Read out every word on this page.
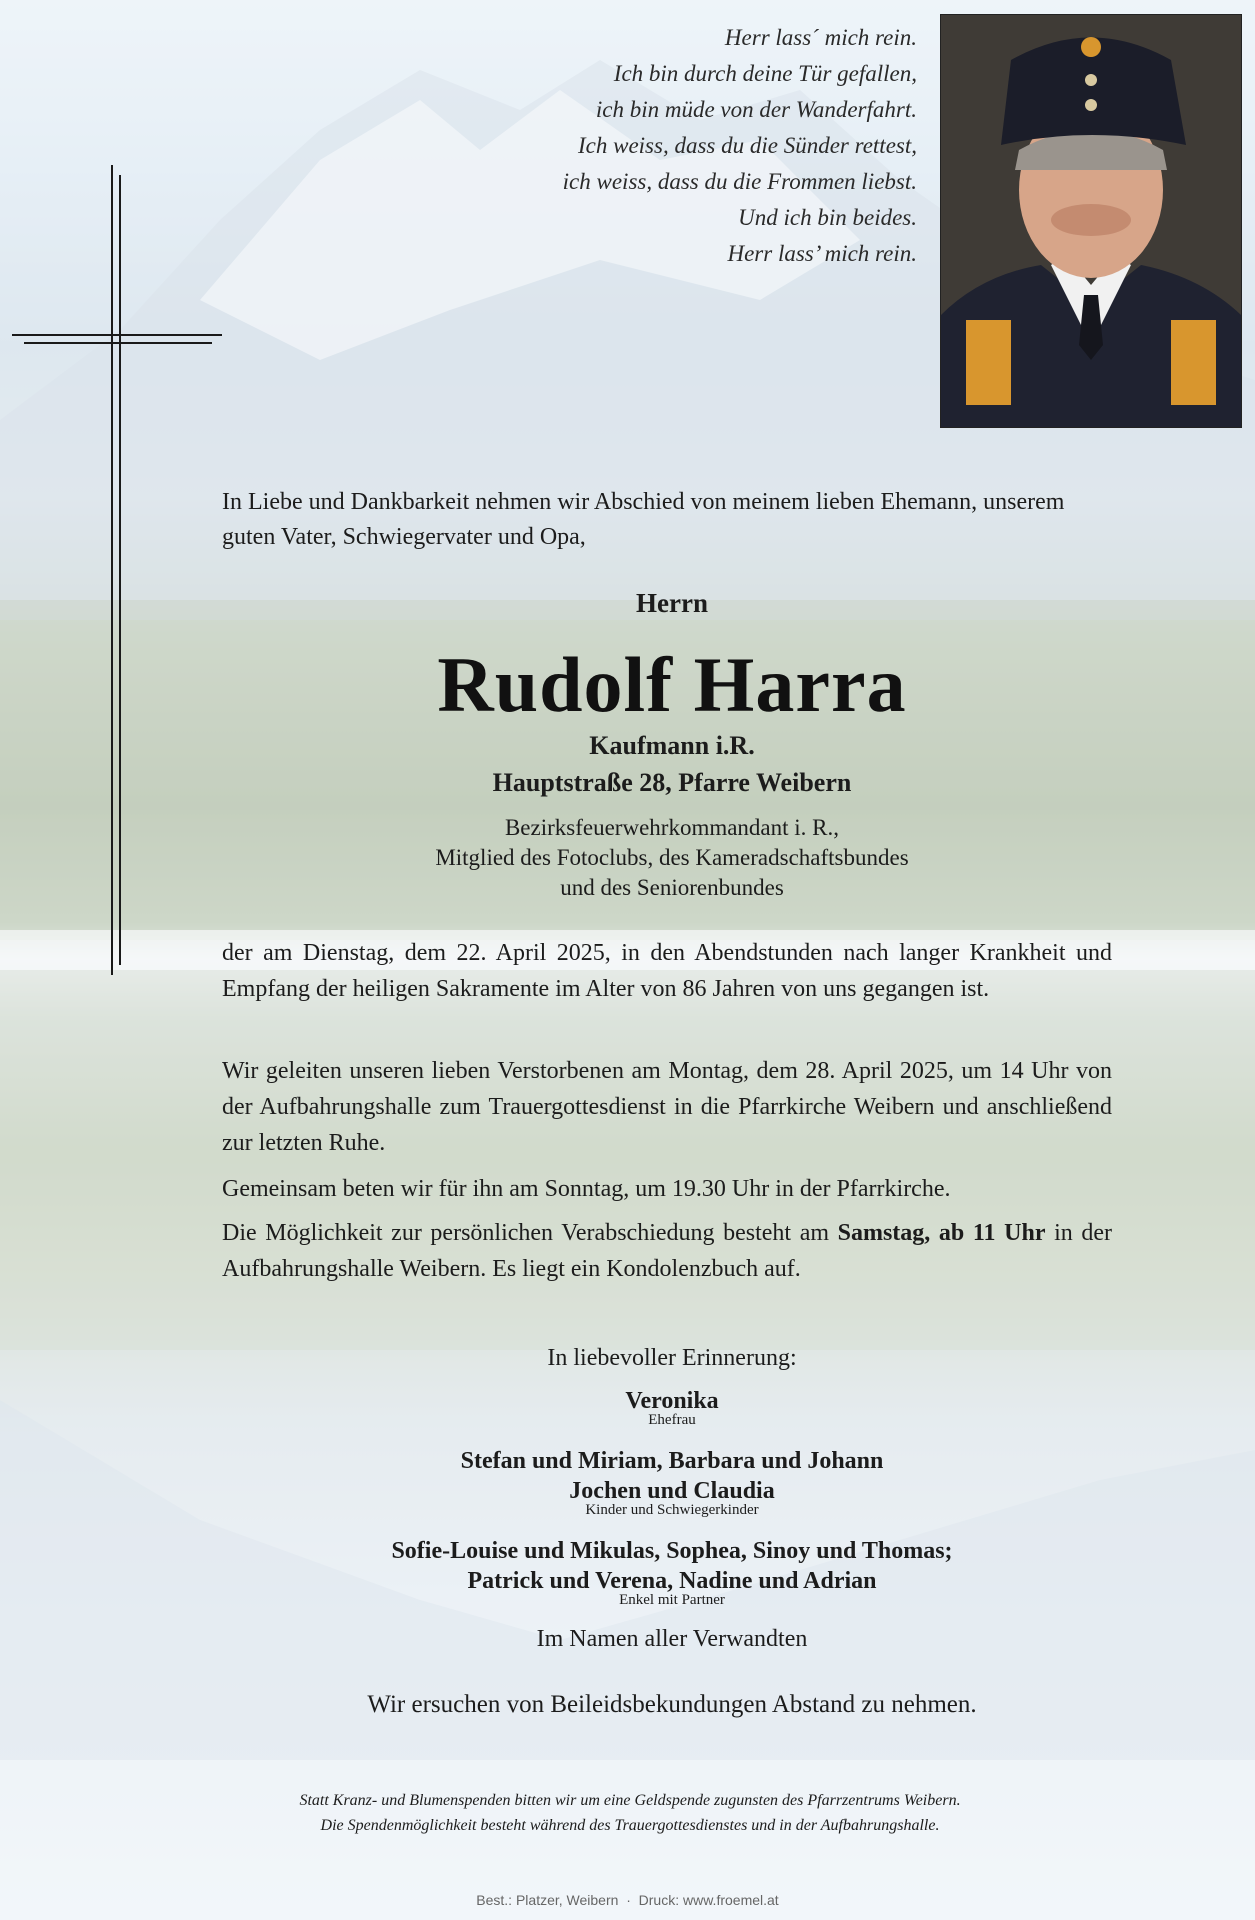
Herr lass´ mich rein.
Ich bin durch deine Tür gefallen,
ich bin müde von der Wanderfahrt.
Ich weiss, dass du die Sünder rettest,
ich weiss, dass du die Frommen liebst.
Und ich bin beides.
Herr lass’ mich rein.
In Liebe und Dankbarkeit nehmen wir Abschied von meinem lieben Ehemann, unserem guten Vater, Schwiegervater und Opa,
Herrn
Rudolf Harra
Kaufmann i.R.
Hauptstraße 28, Pfarre Weibern
Bezirksfeuerwehrkommandant i. R.,
Mitglied des Fotoclubs, des Kameradschaftsbundes
und des Seniorenbundes
der am Dienstag, dem 22. April 2025, in den Abendstunden nach langer Krankheit und Empfang der heiligen Sakramente im Alter von 86 Jahren von uns gegangen ist.
Wir geleiten unseren lieben Verstorbenen am Montag, dem 28. April 2025, um 14 Uhr von der Aufbahrungshalle zum Trauergottesdienst in die Pfarrkirche Weibern und anschließend zur letzten Ruhe.
Gemeinsam beten wir für ihn am Sonntag, um 19.30 Uhr in der Pfarrkirche.
Die Möglichkeit zur persönlichen Verabschiedung besteht am Samstag, ab 11 Uhr in der Aufbahrungshalle Weibern. Es liegt ein Kondolenzbuch auf.
In liebevoller Erinnerung:
Veronika
Ehefrau
Stefan und Miriam, Barbara und Johann
Jochen und Claudia
Kinder und Schwiegerkinder
Sofie-Louise und Mikulas, Sophea, Sinoy und Thomas;
Patrick und Verena, Nadine und Adrian
Enkel mit Partner
Im Namen aller Verwandten
Wir ersuchen von Beileidsbekundungen Abstand zu nehmen.
Statt Kranz- und Blumenspenden bitten wir um eine Geldspende zugunsten des Pfarrzentrums Weibern.
Die Spendenmöglichkeit besteht während des Trauergottesdienstes und in der Aufbahrungshalle.
Best.: Platzer, Weibern · Druck: www.froemel.at
